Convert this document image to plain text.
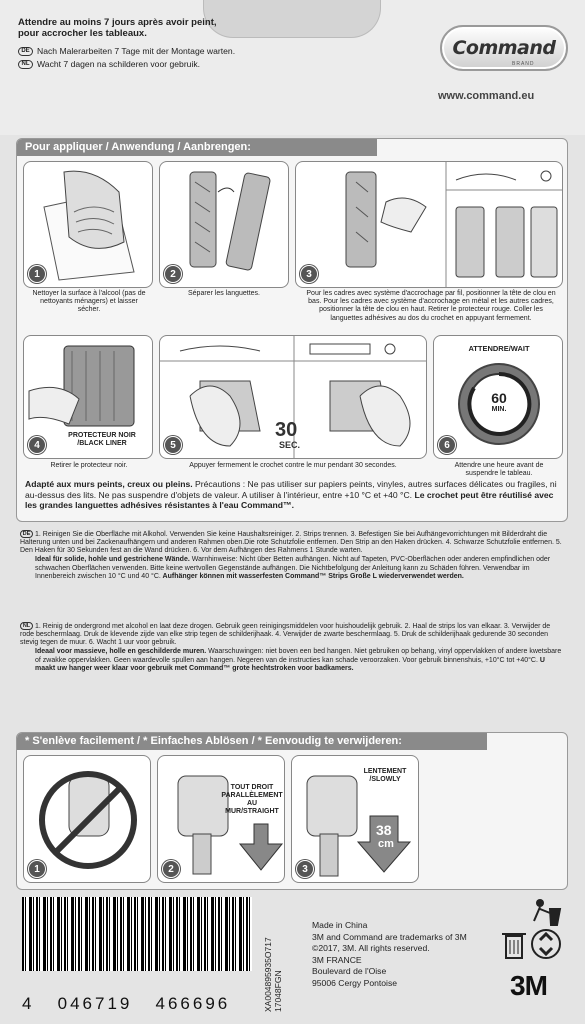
Attendre au moins 7 jours après avoir peint,
pour accrocher les tableaux.
DE Nach Malerarbeiten 7 Tage mit der Montage warten.
NL Wacht 7 dagen na schilderen voor gebruik.
Command
BRAND
www.command.eu
Pour appliquer / Anwendung / Aanbrengen:
1
Nettoyer la surface à l'alcool (pas de nettoyants ménagers) et laisser sécher.
2
Séparer les languettes.
3
Pour les cadres avec système d'accrochage par fil, positionner la tête de clou en bas. Pour les cadres avec système d'accrochage en métal et les autres cadres, positionner la tête de clou en haut. Retirer le protecteur rouge. Coller les languettes adhésives au dos du crochet en appuyant fermement.
PROTECTEUR NOIR /BLACK LINER
4
Retirer le protecteur noir.
30
SEC.
5
Appuyer fermement le crochet contre le mur pendant 30 secondes.
ATTENDRE/WAIT
60
MIN.
6
Attendre une heure avant de suspendre le tableau.
Adapté aux murs peints, creux ou pleins. Précautions : Ne pas utiliser sur papiers peints, vinyles, autres surfaces délicates ou fragiles, ni au-dessus des lits. Ne pas suspendre d'objets de valeur. A utiliser à l'intérieur, entre +10 °C et +40 °C. Le crochet peut être réutilisé avec les grandes languettes adhésives résistantes à l'eau Command™.
DE 1. Reinigen Sie die Oberfläche mit Alkohol. Verwenden Sie keine Haushaltsreiniger. 2. Strips trennen. 3. Befestigen Sie bei Aufhängevorrichtungen mit Bilderdraht die Halterung unten und bei Zackenaufhängern und anderen Rahmen oben.Die rote Schutzfolie entfernen. Den Strip an den Haken drücken. 4. Schwarze Schutzfolie entfernen. 5. Den Haken für 30 Sekunden fest an die Wand drücken. 6. Vor dem Aufhängen des Rahmens 1 Stunde warten.
Ideal für solide, hohle und gestrichene Wände. Warnhinweise: Nicht über Betten aufhängen. Nicht auf Tapeten, PVC-Oberflächen oder anderen empfindlichen oder schwachen Oberflächen verwenden. Bitte keine wertvollen Gegenstände aufhängen. Die Nichtbefolgung der Anleitung kann zu Schäden führen. Verwendbar im Innenbereich zwischen 10 °C und 40 °C. Aufhänger können mit wasserfesten Command™ Strips Große L wiederverwendet werden.
NL 1. Reinig de ondergrond met alcohol en laat deze drogen. Gebruik geen reinigingsmiddelen voor huishoudelijk gebruik. 2. Haal de strips los van elkaar. 3. Verwijder de rode beschermlaag. Druk de klevende zijde van elke strip tegen de schilderijhaak. 4. Verwijder de zwarte beschermlaag. 5. Druk de schilderijhaak gedurende 30 seconden stevig tegen de muur. 6. Wacht 1 uur voor gebruik.
Ideaal voor massieve, holle en geschilderde muren. Waarschuwingen: niet boven een bed hangen. Niet gebruiken op behang, vinyl oppervlakken of andere kwetsbare of zwakke oppervlakken. Geen waardevolle spullen aan hangen. Negeren van de instructies kan schade veroorzaken. Voor gebruik binnenshuis, +10°C tot +40°C. U maakt uw hanger weer klaar voor gebruik met Command™ grote hechtstroken voor badkamers.
* S'enlève facilement / * Einfaches Ablösen / * Eenvoudig te verwijderen:
1
TOUT DROIT PARALLÈLEMENT AU MUR/STRAIGHT
2
LENTEMENT /SLOWLY
38
cm
3
4   046719   466696	XA004895935O717 17048FGN
Made in China
3M and Command are trademarks of 3M
©2017, 3M. All rights reserved.
3M FRANCE
Boulevard de l'Oise
95006 Cergy Pontoise	3M
